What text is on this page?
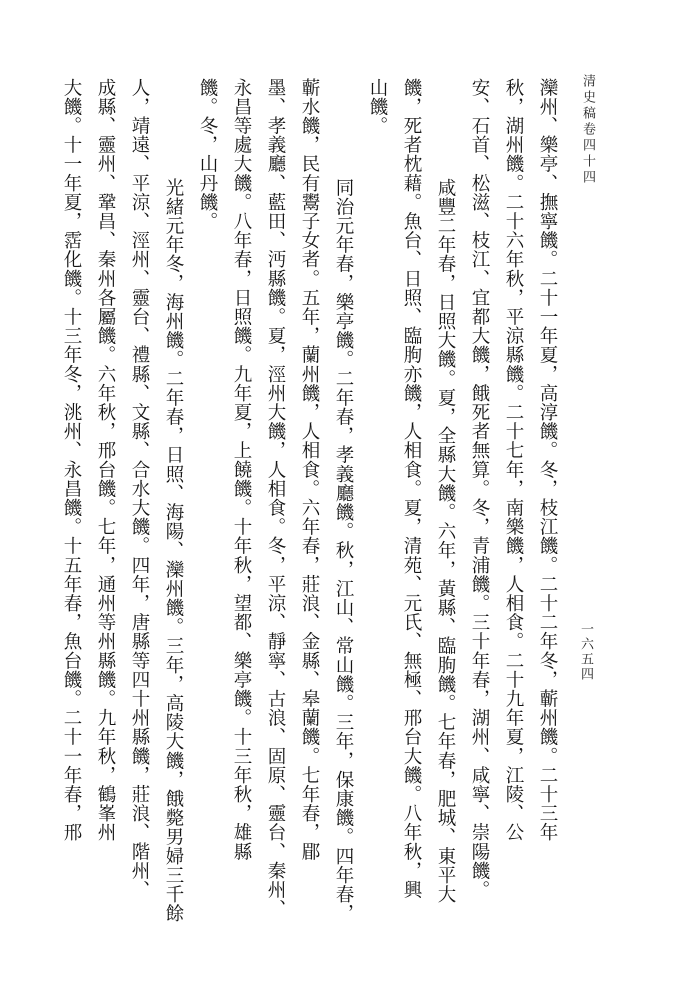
清史稿卷四十四
一六五四
灤州、樂亭、撫寧饑。二十一年夏，高淳饑。冬，枝江饑。二十二年冬，蘄州饑。二十三年
秋，湖州饑。二十六年秋，平涼縣饑。二十七年，南樂饑，人相食。二十九年夏，江陵、公
安、石首、松滋、枝江、宜都大饑，餓死者無算。冬，青浦饑。三十年春，湖州、咸寧、崇陽饑。
咸豐二年春，日照大饑。夏，全縣大饑。六年，黃縣、臨朐饑。七年春，肥城、東平大
饑，死者枕藉。魚台、日照、臨朐亦饑，人相食。夏，清苑、元氏、無極、邢台大饑。八年秋，興
山饑。
同治元年春，樂亭饑。二年春，孝義廳饑。秋，江山、常山饑。三年，保康饑。四年春，
蘄水饑，民有鬻子女者。五年，蘭州饑，人相食。六年春，莊浪、金縣、皋蘭饑。七年春，郿
墨、孝義廳、藍田、沔縣饑。夏，涇州大饑，人相食。冬，平涼、靜寧、古浪、固原、靈台、秦州、
永昌等處大饑。八年春，日照饑。九年夏，上饒饑。十年秋，望都、樂亭饑。十三年秋，雄縣
饑。冬，山丹饑。
光緒元年冬，海州饑。二年春，日照、海陽、灤州饑。三年，高陵大饑，餓斃男婦三千餘
人，靖遠、平涼、涇州、靈台、禮縣、文縣、合水大饑。四年，唐縣等四十州縣饑，莊浪、階州、
成縣、靈州、鞏昌、秦州各屬饑。六年秋，邢台饑。七年，通州等州縣饑。九年秋，鶴峯州
大饑。十一年夏，霑化饑。十三年冬，洮州、永昌饑。十五年春，魚台饑。二十一年春，邢
